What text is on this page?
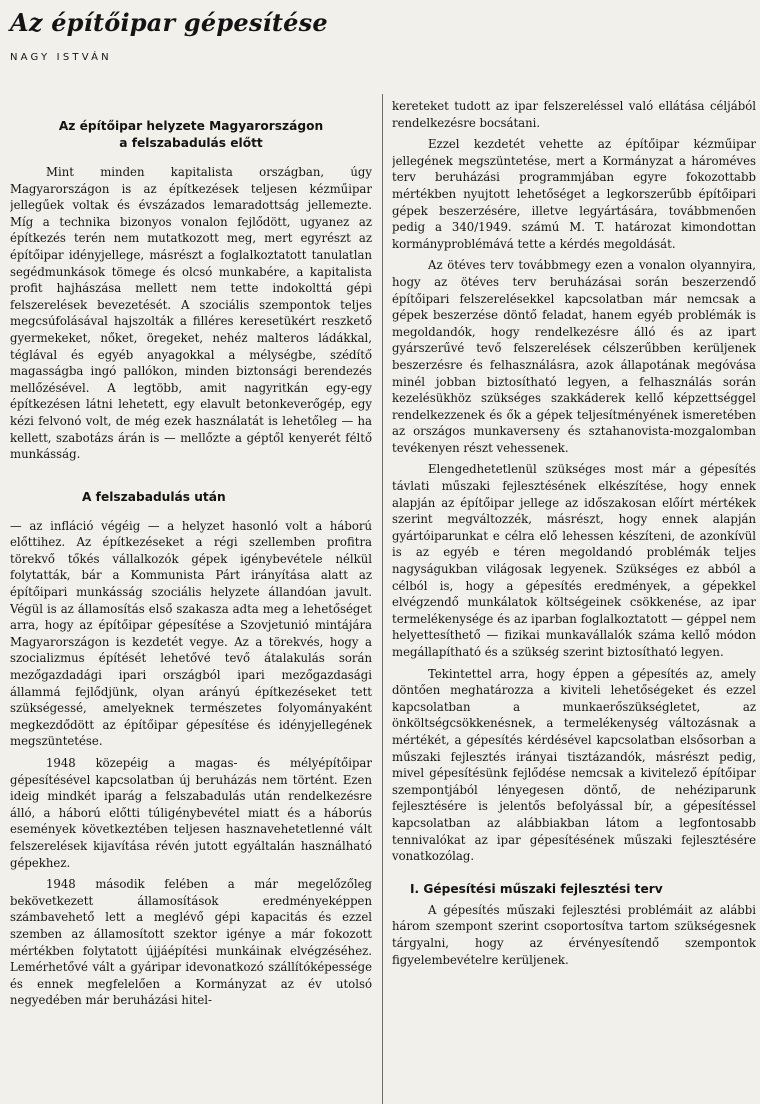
Az építőipar gépesítése
NAGY ISTVÁN
Az építőipar helyzete Magyarországon
a felszabadulás előtt

Mint minden kapitalista országban, úgy Magyarországon is az építkezések teljesen kézműipar jellegűek voltak és évszázados lemaradottság jellemezte. Míg a technika bizonyos vonalon fejlődött, ugyanez az építkezés terén nem mutatkozott meg, mert egyrészt az építőipar idényjellege, másrészt a foglalkoztatott tanulatlan segédmunkások tömege és olcsó munkabére, a kapitalista profit hajhászása mellett nem tette indokolttá gépi felszerelések bevezetését. A szociális szempontok teljes megcsúfolásával hajszolták a filléres keresetükért reszkető gyermekeket, nőket, öregeket, nehéz malteros ládákkal, téglával és egyéb anyagokkal a mélységbe, szédítő magasságba ingó pallókon, minden biztonsági berendezés mellőzésével. A legtöbb, amit nagyritkán egy-egy építkezésen látni lehetett, egy elavult betonkeverőgép, egy kézi felvonó volt, de még ezek használatát is lehetőleg — ha kellett, szabotázs árán is — mellőzte a géptől kenyerét féltő munkásság.

A felszabadulás után

— az infláció végéig — a helyzet hasonló volt a háború előttihez. Az építkezéseket a régi szellemben profitra törekvő tőkés vállalkozók gépek igénybevétele nélkül folytatták, bár a Kommunista Párt irányítása alatt az építőipari munkásság szociális helyzete állandóan javult. Végül is az államosítás első szakasza adta meg a lehetőséget arra, hogy az építőipar gépesítése a Szovjetunió mintájára Magyarországon is kezdetét vegye. Az a törekvés, hogy a szocializmus építését lehetővé tevő átalakulás során mezőgazdadági ipari országból ipari mezőgazdasági állammá fejlődjünk, olyan arányú építkezéseket tett szükségessé, amelyeknek természetes folyományaként megkezdődött az építőipar gépesítése és idényjellegének megszüntetése.

1948 közepéig a magas- és mélyépítőipar gépesítésével kapcsolatban új beruházás nem történt. Ezen ideig mindkét iparág a felszabadulás után rendelkezésre álló, a háború előtti túligénybevétel miatt és a háborús események következtében teljesen hasznavehetetlenné vált felszerelések kijavítása révén jutott egyáltalán használható gépekhez.

1948 második felében a már megelőzőleg bekövetkezett államosítások eredményeképpen számbavehető lett a meglévő gépi kapacitás és ezzel szemben az államosított szektor igénye a már fokozott mértékben folytatott újjáépítési munkáinak elvégzéséhez. Lemérhetővé vált a gyáripar idevonatkozó szállítóképessége és ennek megfelelően a Kormányzat az év utolsó negyedében már beruházási hitel-

kereteket tudott az ipar felszereléssel való ellátása céljából rendelkezésre bocsátani.

Ezzel kezdetét vehette az építőipar kézműipar jellegének megszüntetése, mert a Kormányzat a hároméves terv beruházási programmjában egyre fokozottabb mértékben nyujtott lehetőséget a legkorszerűbb építőipari gépek beszerzésére, illetve legyártására, továbbmenően pedig a 340/1949. számú M. T. határozat kimondottan kormányproblémává tette a kérdés megoldását.

Az ötéves terv továbbmegy ezen a vonalon olyannyira, hogy az ötéves terv beruházásai során beszerzendő építőipari felszerelésekkel kapcsolatban már nemcsak a gépek beszerzése döntő feladat, hanem egyéb problémák is megoldandók, hogy rendelkezésre álló és az ipart gyárszerűvé tevő felszerelések célszerűbben kerüljenek beszerzésre és felhasználásra, azok állapotának megóvása minél jobban biztosítható legyen, a felhasználás során kezelésükhöz szükséges szakkáderek kellő képzettséggel rendelkezzenek és ők a gépek teljesítményének ismeretében az országos munkaverseny és sztahanovista-mozgalomban tevékenyen részt vehessenek.

Elengedhetetlenül szükséges most már a gépesítés távlati műszaki fejlesztésének elkészítése, hogy ennek alapján az építőipar jellege az időszakosan előírt mértékek szerint megváltozzék, másrészt, hogy ennek alapján gyártóiparunkat e célra elő lehessen készíteni, de azonkívül is az egyéb e téren megoldandó problémák teljes nagyságukban világosak legyenek. Szükséges ez abból a célból is, hogy a gépesítés eredmények, a gépekkel elvégzendő munkálatok költségeinek csökkenése, az ipar termelékenysége és az iparban foglalkoztatott — géppel nem helyettesíthető — fizikai munkavállalók száma kellő módon megállapítható és a szükség szerint biztosítható legyen.

Tekintettel arra, hogy éppen a gépesítés az, amely döntően meghatározza a kiviteli lehetőségeket és ezzel kapcsolatban a munkaerőszükségletet, az önköltségcsökkenésnek, a termelékenység változásnak a mértékét, a gépesítés kérdésével kapcsolatban elsősorban a műszaki fejlesztés irányai tisztázandók, másrészt pedig, mivel gépesítésünk fejlődése nemcsak a kivitelező építőipar szempontjából lényegesen döntő, de nehéziparunk fejlesztésére is jelentős befolyással bír, a gépesítéssel kapcsolatban az alábbiakban látom a legfontosabb tennivalókat az ipar gépesítésének műszaki fejlesztésére vonatkozólag.

I. Gépesítési műszaki fejlesztési terv

A gépesítés műszaki fejlesztési problémáit az alábbi három szempont szerint csoportosítva tartom szükségesnek tárgyalni, hogy az érvényesítendő szempontok figyelembevételre kerüljenek.
